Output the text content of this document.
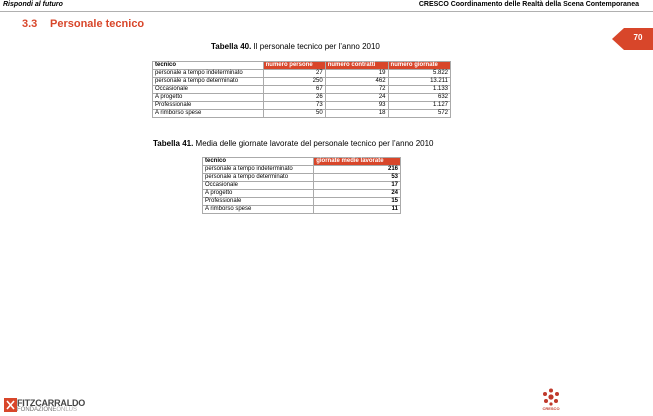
Rispondi al futuro	CRESCO Coordinamento delle Realtà della Scena Contemporanea
3.3 Personale tecnico
70
Tabella 40. Il personale tecnico per l’anno 2010
tecnico	numero persone	numero contratti	numero giornate
personale a tempo indeterminato	27	19	5.822
personale a tempo determinato	250	462	13.211
Occasionale	67	72	1.133
A progetto	26	24	632
Professionale	73	93	1.127
A rimborso spese	50	18	572
Tabella 41. Media delle giornate lavorate del personale tecnico per l’anno 2010
tecnico	giornate medie lavorate
personale a tempo indeterminato	216
personale a tempo determinato	53
Occasionale	17
A progetto	24
Professionale	15
A rimborso spese	11
FITZCARRALDO
FONDAZIONEONLUS	CRESCO
